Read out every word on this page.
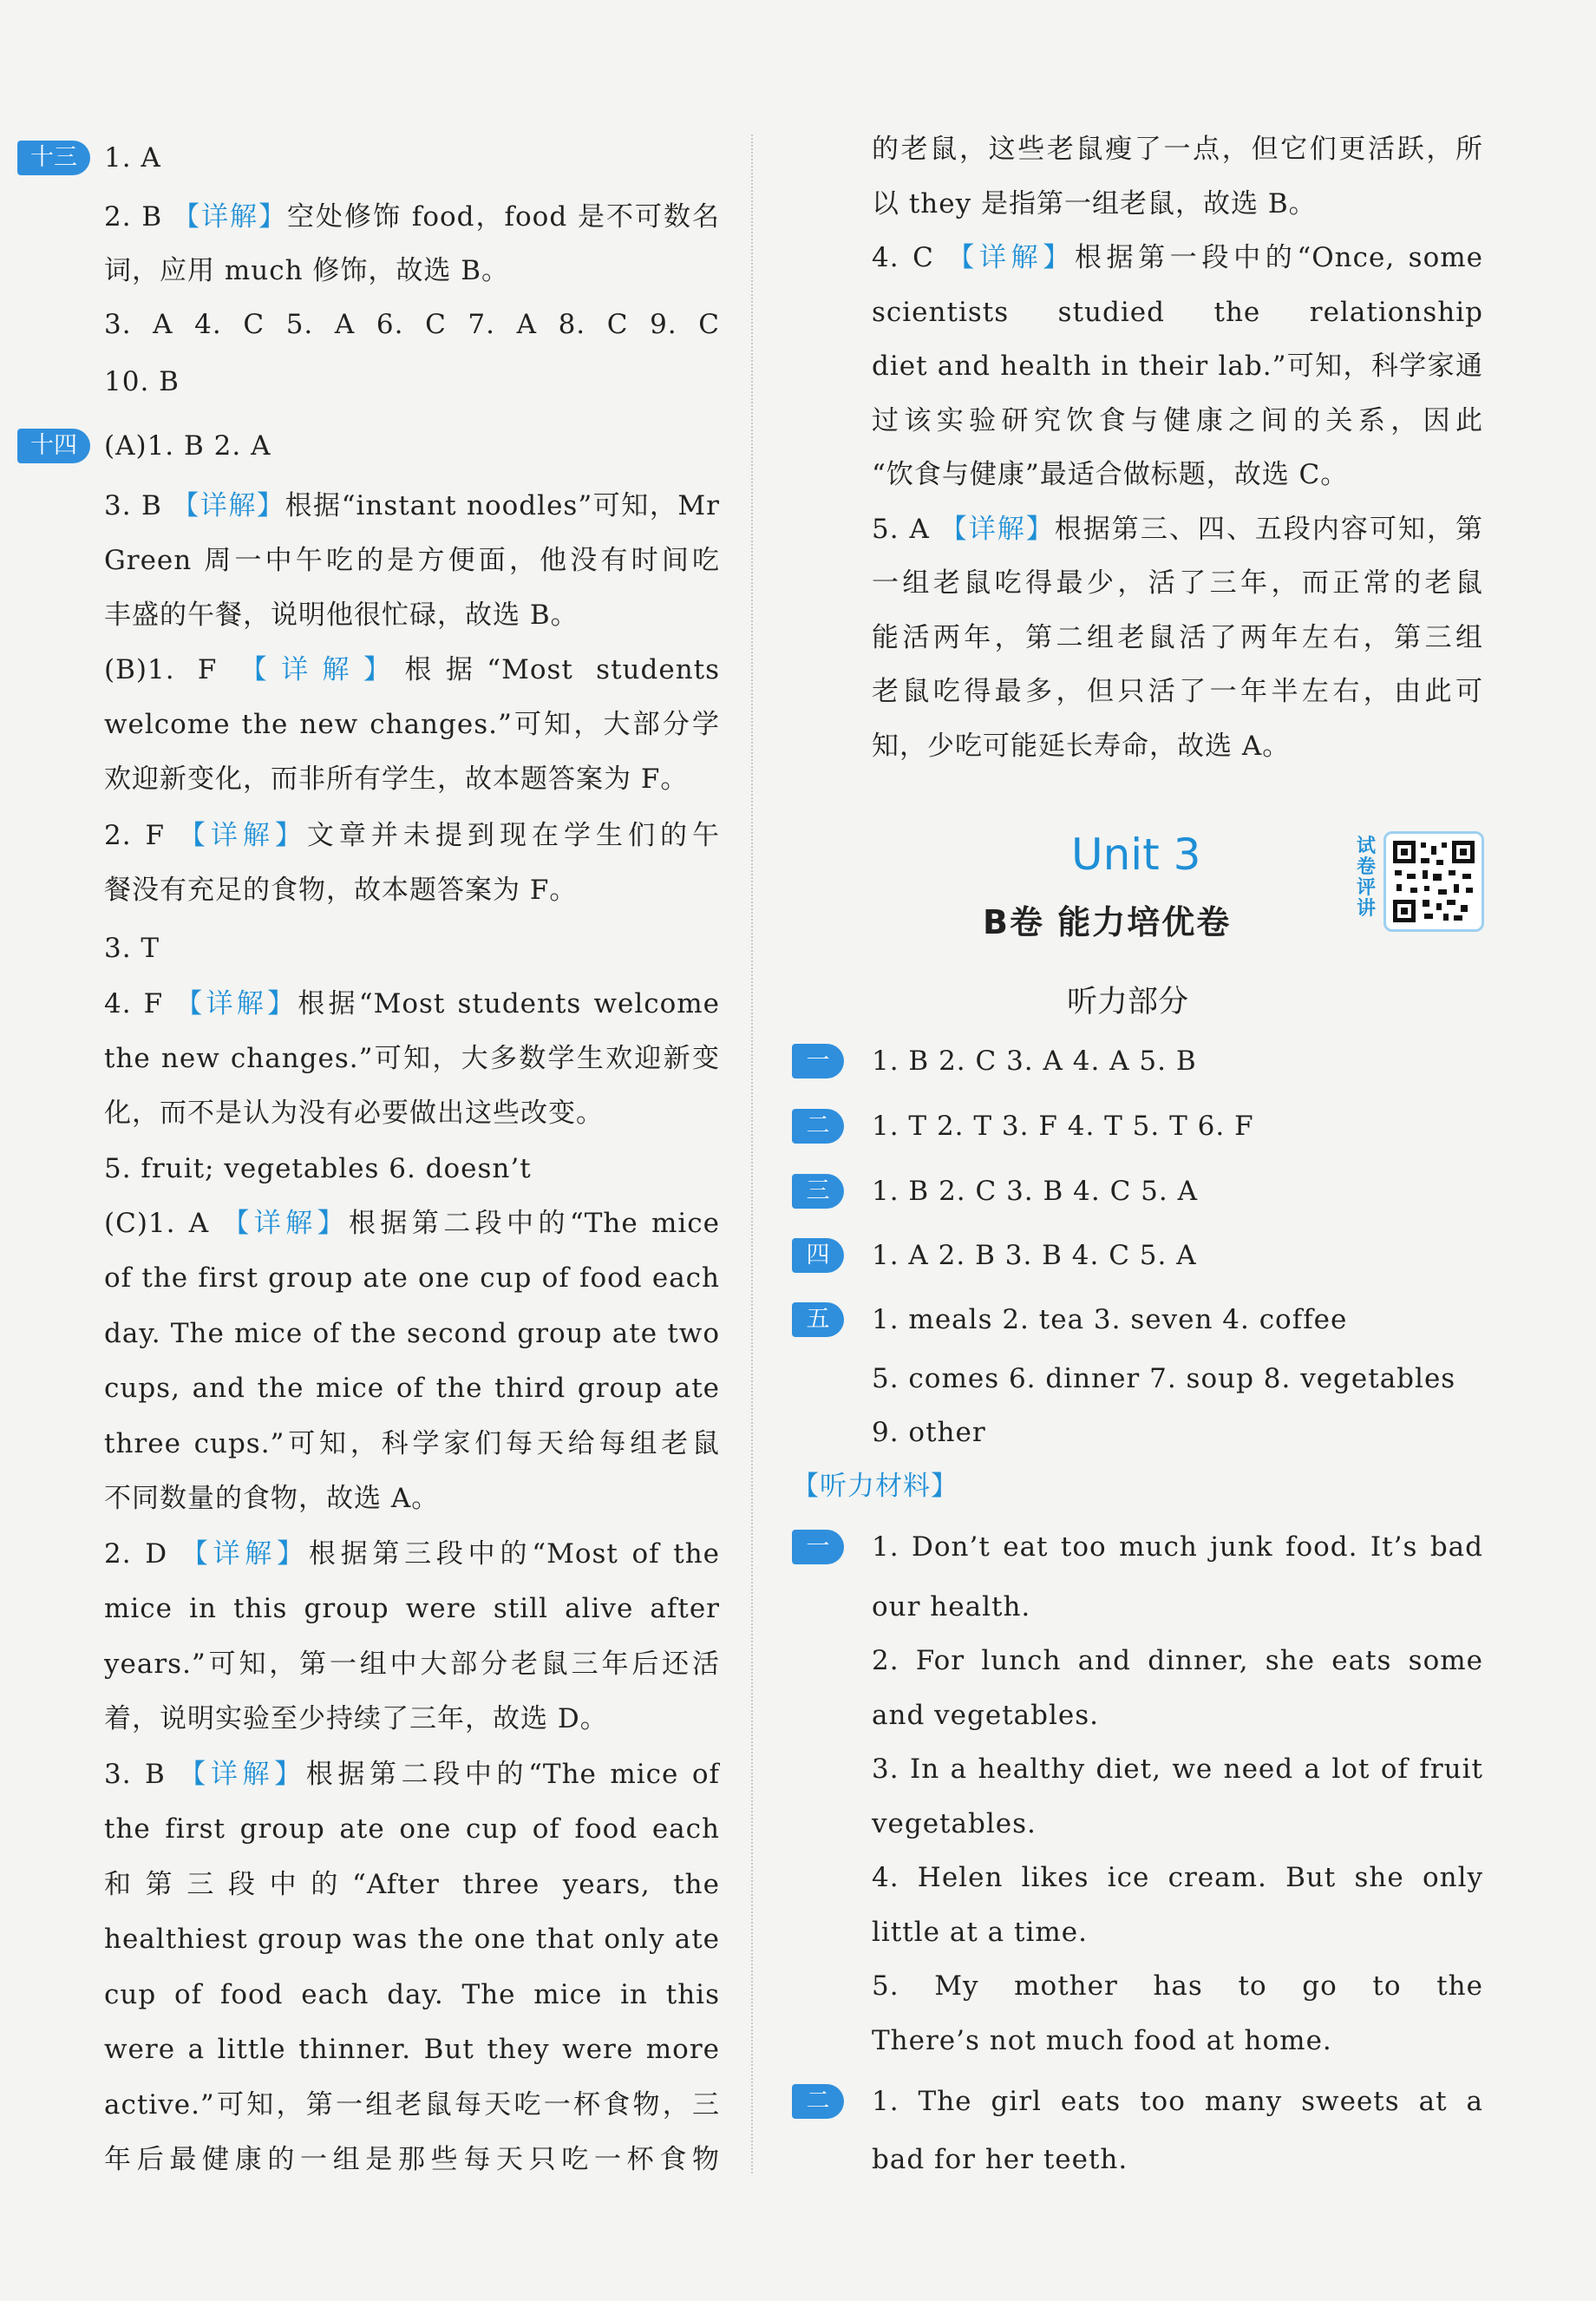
十三
十四
1. A
2. B 【详解】空处修饰 food，food 是不可数名
词，应用 much 修饰，故选 B。
3. A 4. C 5. A 6. C 7. A 8. C 9. C
10. B
(A)1. B 2. A
3. B 【详解】根据“instant noodles”可知，Mr
Green 周一中午吃的是方便面，他没有时间吃
丰盛的午餐，说明他很忙碌，故选 B。
(B)1. F 【详解】根据“Most students
welcome the new changes.”可知，大部分学
欢迎新变化，而非所有学生，故本题答案为 F。
2. F 【详解】文章并未提到现在学生们的午
餐没有充足的食物，故本题答案为 F。
3. T
4. F 【详解】根据“Most students welcome
the new changes.”可知，大多数学生欢迎新变
化，而不是认为没有必要做出这些改变。
5. fruit; vegetables 6. doesn’t
(C)1. A 【详解】根据第二段中的“The mice
of the first group ate one cup of food each
day. The mice of the second group ate two
cups, and the mice of the third group ate
three cups.”可知，科学家们每天给每组老鼠
不同数量的食物，故选 A。
2. D 【详解】根据第三段中的“Most of the
mice in this group were still alive after
years.”可知，第一组中大部分老鼠三年后还活
着，说明实验至少持续了三年，故选 D。
3. B 【详解】根据第二段中的“The mice of
the first group ate one cup of food each
和第三段中的“After three years, the
healthiest group was the one that only ate
cup of food each day. The mice in this
were a little thinner. But they were more
active.”可知，第一组老鼠每天吃一杯食物，三
年后最健康的一组是那些每天只吃一杯食物
的老鼠，这些老鼠瘦了一点，但它们更活跃，所
以 they 是指第一组老鼠，故选 B。
4. C 【详解】根据第一段中的“Once, some
scientists studied the relationship
diet and health in their lab.”可知，科学家通
过该实验研究饮食与健康之间的关系，因此
“饮食与健康”最适合做标题，故选 C。
5. A 【详解】根据第三、四、五段内容可知，第
一组老鼠吃得最少，活了三年，而正常的老鼠
能活两年，第二组老鼠活了两年左右，第三组
老鼠吃得最多，但只活了一年半左右，由此可
知，少吃可能延长寿命，故选 A。
Unit 3
B卷 能力培优卷
试卷评讲
听力部分
一
二
三
四
五
1. B 2. C 3. A 4. A 5. B
1. T 2. T 3. F 4. T 5. T 6. F
1. B 2. C 3. B 4. C 5. A
1. A 2. B 3. B 4. C 5. A
1. meals 2. tea 3. seven 4. coffee
5. comes 6. dinner 7. soup 8. vegetables
9. other
【听力材料】
一
二
1. Don’t eat too much junk food. It’s bad
our health.
2. For lunch and dinner, she eats some
and vegetables.
3. In a healthy diet, we need a lot of fruit
vegetables.
4. Helen likes ice cream. But she only
little at a time.
5. My mother has to go to the
There’s not much food at home.
1. The girl eats too many sweets at a
bad for her teeth.
